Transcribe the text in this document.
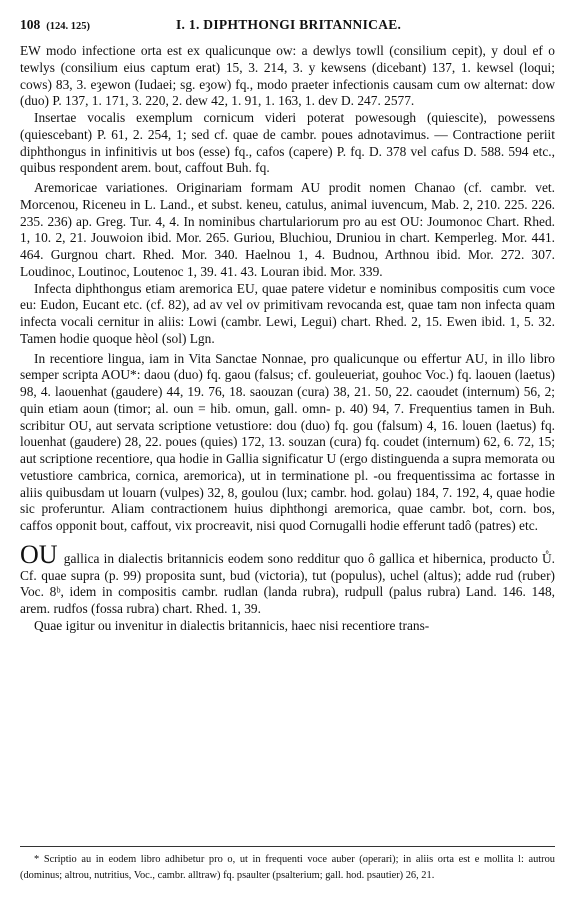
108 (124. 125)	I. 1. DIPHTHONGI BRITANNICAE.

EW modo infectione orta est ex qualicunque ow: a dewlys towll (consilium cepit), y doul ef o tewlys (consilium eius captum erat) 15, 3. 214, 3. y kewsens (dicebant) 137, 1. kewsel (loqui; cows) 83, 3. eȝewon (Iudaei; sg. eȝow) fq., modo praeter infectionis causam cum ow alternat: dow (duo) P. 137, 1. 171, 3. 220, 2. dew 42, 1. 91, 1. 163, 1. dev D. 247. 2577.

Insertae vocalis exemplum cornicum videri poterat powesough (quiescite), powessens (quiescebant) P. 61, 2. 254, 1; sed cf. quae de cambr. poues adnotavimus. — Contractione periit diphthongus in infinitivis ut bos (esse) fq., cafos (capere) P. fq. D. 378 vel cafus D. 588. 594 etc., quibus respondent arem. bout, caffout Buh. fq.

Aremoricae variationes. Originariam formam AU prodit nomen Chanao (cf. cambr. vet. Morcenou, Riceneu in L. Land., et subst. keneu, catulus, animal iuvencum, Mab. 2, 210. 225. 226. 235. 236) ap. Greg. Tur. 4, 4. In nominibus chartulariorum pro au est OU: Joumonoc Chart. Rhed. 1, 10. 2, 21. Jouwoion ibid. Mor. 265. Guriou, Bluchiou, Druniou in chart. Kemperleg. Mor. 441. 464. Gurgnou chart. Rhed. Mor. 340. Haelnou 1, 4. Budnou, Arthnou ibid. Mor. 272. 307. Loudinoc, Loutinoc, Loutenoc 1, 39. 41. 43. Louran ibid. Mor. 339.

Infecta diphthongus etiam aremorica EU, quae patere videtur e nominibus compositis cum voce eu: Eudon, Eucant etc. (cf. 82), ad av vel ov primitivam revocanda est, quae tam non infecta quam infecta vocali cernitur in aliis: Lowi (cambr. Lewi, Legui) chart. Rhed. 2, 15. Ewen ibid. 1, 5. 32. Tamen hodie quoque hèol (sol) Lgn.

In recentiore lingua, iam in Vita Sanctae Nonnae, pro qualicunque ou effertur AU, in illo libro semper scripta AOU*: daou (duo) fq. gaou (falsus; cf. gouleueriat, gouhoc Voc.) fq. laouen (laetus) 98, 4. laouenhat (gaudere) 44, 19. 76, 18. saouzan (cura) 38, 21. 50, 22. caoudet (internum) 56, 2; quin etiam aoun (timor; al. oun = hib. omun, gall. omn- p. 40) 94, 7. Frequentius tamen in Buh. scribitur OU, aut servata scriptione vetustiore: dou (duo) fq. gou (falsum) 4, 16. louen (laetus) fq. louenhat (gaudere) 28, 22. poues (quies) 172, 13. souzan (cura) fq. coudet (internum) 62, 6. 72, 15; aut scriptione recentiore, qua hodie in Gallia significatur U (ergo distinguenda a supra memorata ou vetustiore cambrica, cornica, aremorica), ut in terminatione pl. -ou frequentissima ac fortasse in aliis quibusdam ut louarn (vulpes) 32, 8, goulou (lux; cambr. hod. golau) 184, 7. 192, 4, quae hodie sic proferuntur. Aliam contractionem huius diphthongi aremorica, quae cambr. bot, corn. bos, caffos opponit bout, caffout, vix procreavit, nisi quod Cornugalli hodie efferunt tadô (patres) etc.

OU gallica in dialectis britannicis eodem sono redditur quo ô gallica et hibernica, producto Ů. Cf. quae supra (p. 99) proposita sunt, bud (victoria), tut (populus), uchel (altus); adde rud (ruber) Voc. 8ᵇ, idem in compositis cambr. rudlan (landa rubra), rudpull (palus rubra) Land. 146. 148, arem. rudfos (fossa rubra) chart. Rhed. 1, 39.

Quae igitur ou invenitur in dialectis britannicis, haec nisi recentiore trans-

* Scriptio au in eodem libro adhibetur pro o, ut in frequenti voce auber (operari); in aliis orta est e mollita l: autrou (dominus; altrou, nutritius, Voc., cambr. alltraw) fq. psaulter (psalterium; gall. hod. psautier) 26, 21.
